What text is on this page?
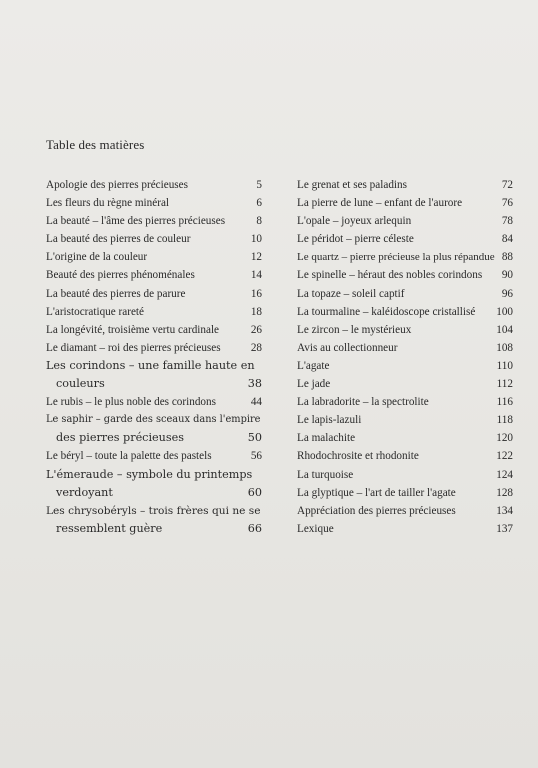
Table des matières
Apologie des pierres précieuses	5
Les fleurs du règne minéral	6
La beauté – l'âme des pierres précieuses	8
La beauté des pierres de couleur	10
L'origine de la couleur	12
Beauté des pierres phénoménales	14
La beauté des pierres de parure	16
L'aristocratique rareté	18
La longévité, troisième vertu cardinale	26
Le diamant – roi des pierres précieuses	28
Les corindons – une famille haute en
couleurs	38
Le rubis – le plus noble des corindons	44
Le saphir – garde des sceaux dans l'empire
des pierres précieuses	50
Le béryl – toute la palette des pastels	56
L'émeraude – symbole du printemps
verdoyant	60
Les chrysobéryls – trois frères qui ne se
ressemblent guère	66
Le grenat et ses paladins	72
La pierre de lune – enfant de l'aurore	76
L'opale – joyeux arlequin	78
Le péridot – pierre céleste	84
Le quartz – pierre précieuse la plus répandue 88
Le spinelle – héraut des nobles corindons	90
La topaze – soleil captif	96
La tourmaline – kaléidoscope cristallisé	100
Le zircon – le mystérieux	104
Avis au collectionneur	108
L'agate	110
Le jade	112
La labradorite – la spectrolite	116
Le lapis-lazuli	118
La malachite	120
Rhodochrosite et rhodonite	122
La turquoise	124
La glyptique – l'art de tailler l'agate	128
Appréciation des pierres précieuses	134
Lexique	137
